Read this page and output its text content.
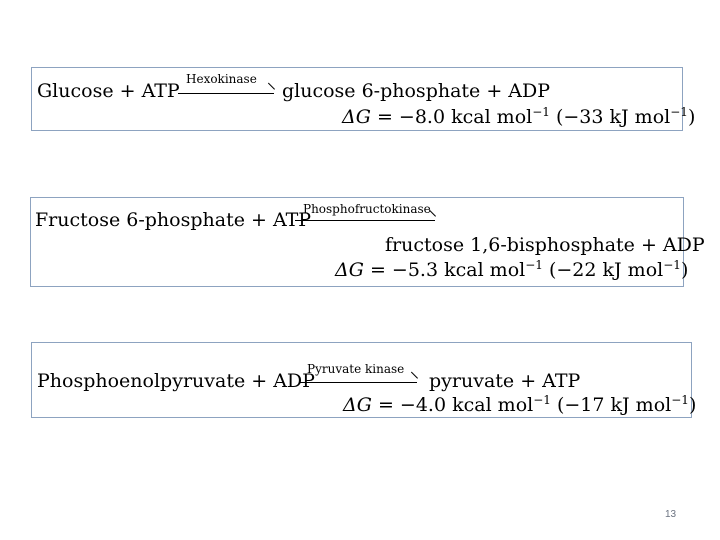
Glucose + ATP
Hexokinase
glucose 6-phosphate + ADP
ΔG = −8.0 kcal mol$^{-1}$ (−33 kJ mol$^{-1}$)
Fructose 6-phosphate + ATP
Phosphofructokinase
fructose 1,6-bisphosphate + ADP
ΔG = −5.3 kcal mol$^{-1}$ (−22 kJ mol$^{-1}$)
Phosphoenolpyruvate + ADP
Pyruvate kinase
pyruvate + ATP
ΔG = −4.0 kcal mol$^{-1}$ (−17 kJ mol$^{-1}$)
13
